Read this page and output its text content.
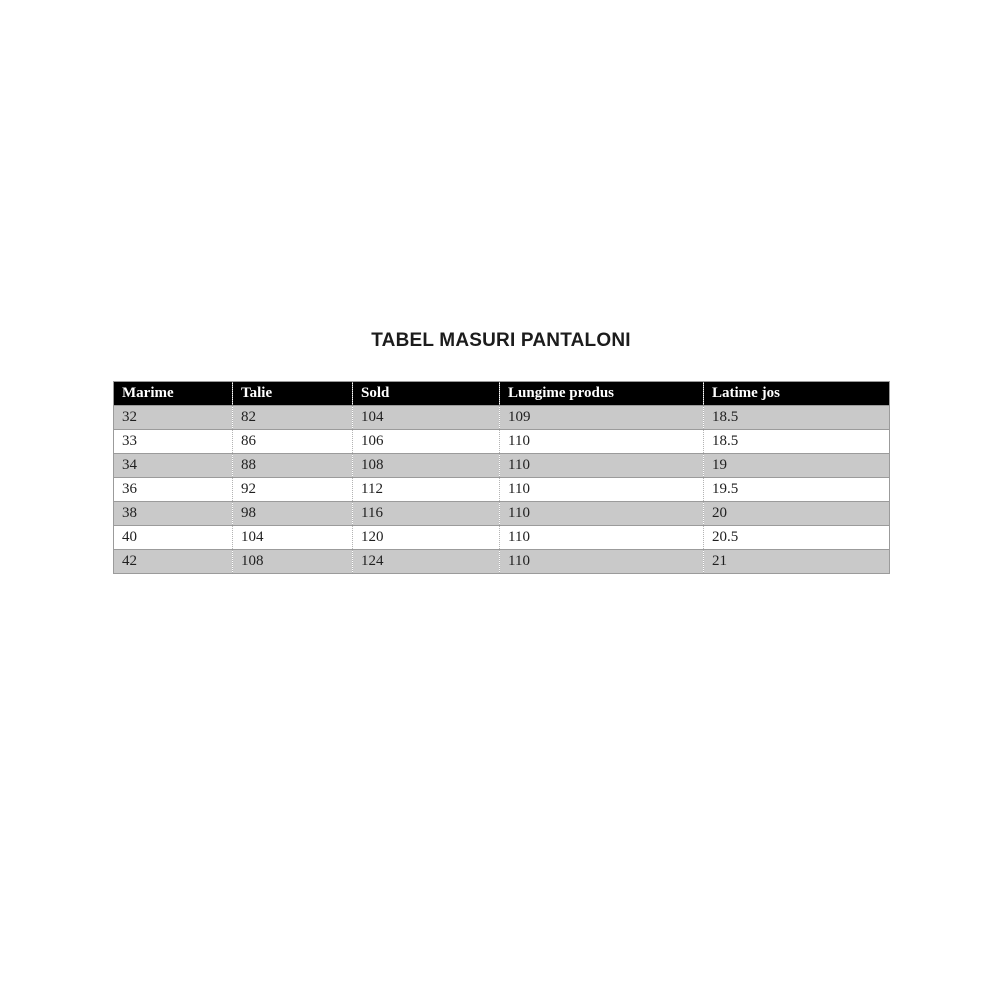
TABEL MASURI PANTALONI
Marime	Talie	Sold	Lungime produs	Latime jos
32	82	104	109	18.5
33	86	106	110	18.5
34	88	108	110	19
36	92	112	110	19.5
38	98	116	110	20
40	104	120	110	20.5
42	108	124	110	21
